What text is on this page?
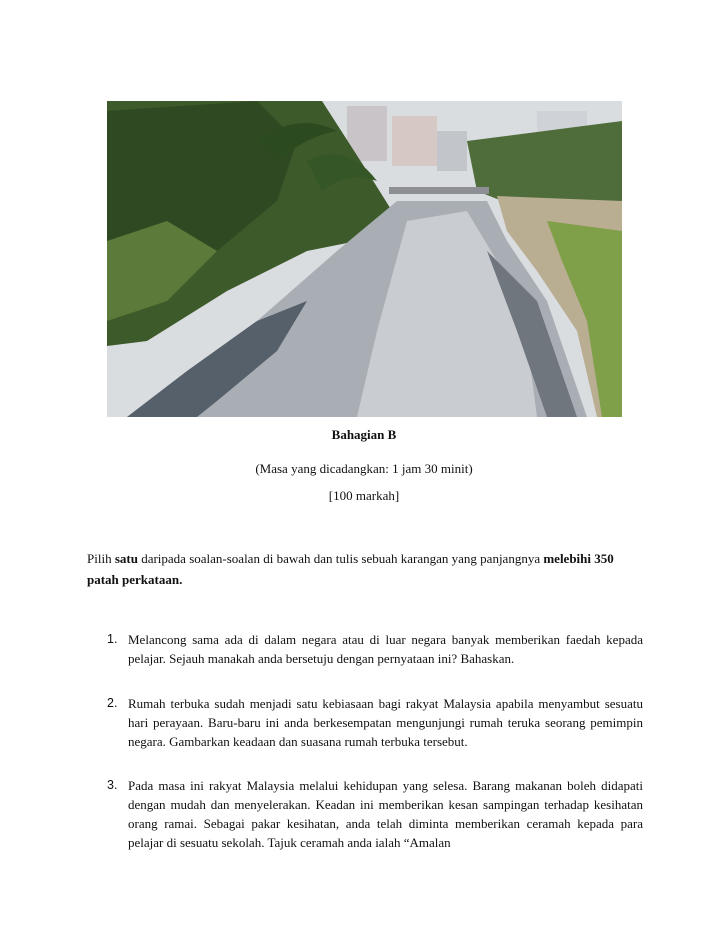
Bahagian B
(Masa yang dicadangkan: 1 jam 30 minit)
[100 markah]
Pilih satu daripada soalan-soalan di bawah dan tulis sebuah karangan yang panjangnya melebihi 350 patah perkataan.
1. Melancong sama ada di dalam negara atau di luar negara banyak memberikan faedah kepada pelajar. Sejauh manakah anda bersetuju dengan pernyataan ini? Bahaskan.
2. Rumah terbuka sudah menjadi satu kebiasaan bagi rakyat Malaysia apabila menyambut sesuatu hari perayaan. Baru-baru ini anda berkesempatan mengunjungi rumah teruka seorang pemimpin negara. Gambarkan keadaan dan suasana rumah terbuka tersebut.
3. Pada masa ini rakyat Malaysia melalui kehidupan yang selesa. Barang makanan boleh didapati dengan mudah dan menyelerakan. Keadan ini memberikan kesan sampingan terhadap kesihatan orang ramai. Sebagai pakar kesihatan, anda telah diminta memberikan ceramah kepada para pelajar di sesuatu sekolah. Tajuk ceramah anda ialah “Amalan
